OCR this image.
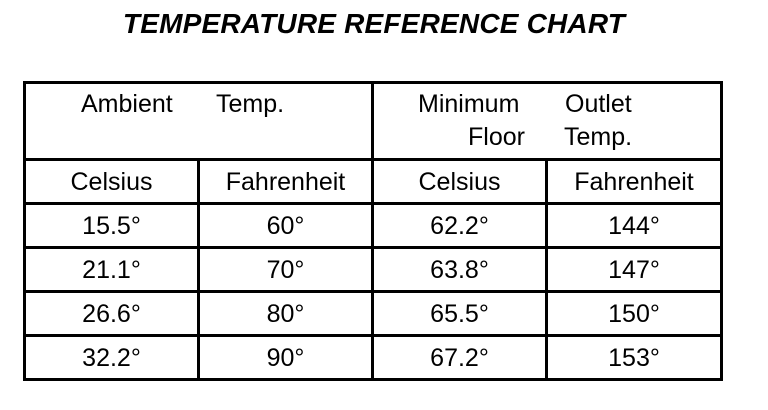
TEMPERATURE REFERENCE CHART
Ambient Temp.		Minimum Outlet
Floor Temp.	

Celsius	Fahrenheit	Celsius	Fahrenheit
15.5°	60°	62.2°	144°
21.1°	70°	63.8°	147°
26.6°	80°	65.5°	150°
32.2°	90°	67.2°	153°
